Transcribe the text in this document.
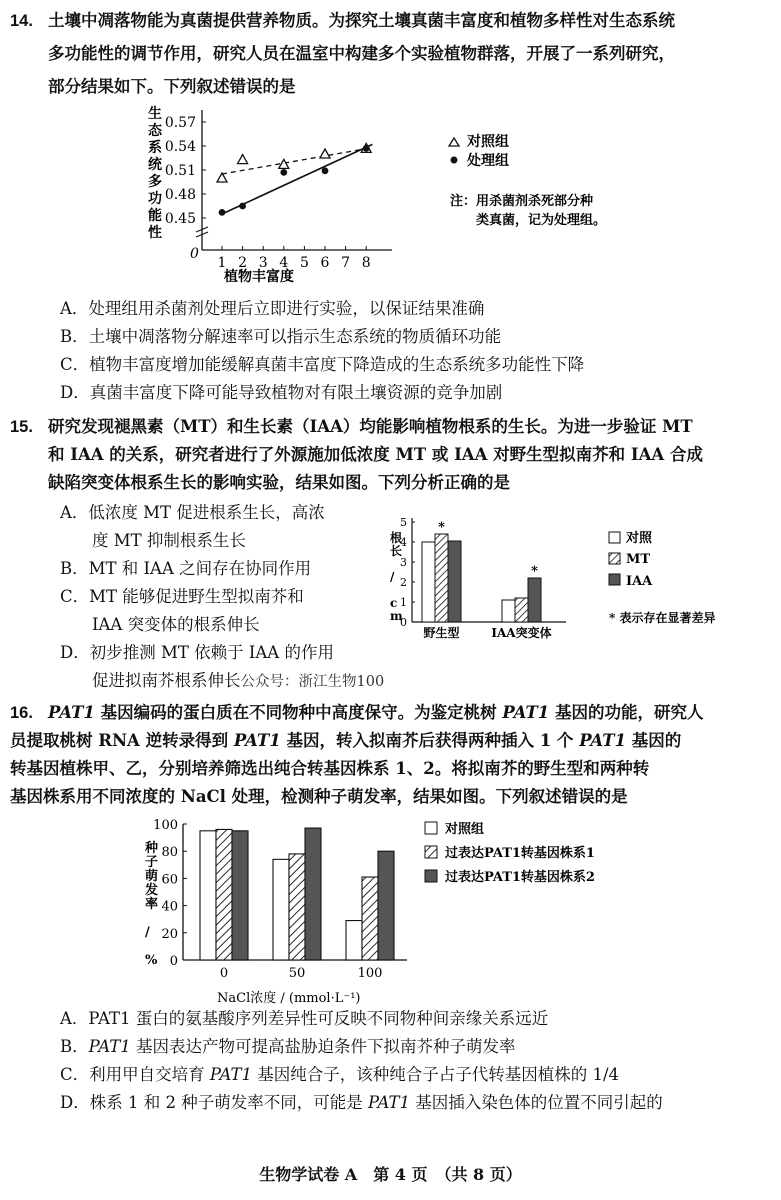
14. 土壤中凋落物能为真菌提供营养物质。为探究土壤真菌丰富度和植物多样性对生态系统
多功能性的调节作用，研究人员在温室中构建多个实验植物群落，开展了一系列研究，
部分结果如下。下列叙述错误的是
0.45
0.48
0.51
0.54
0.57
1 2 3 4 5 6 7 8
生态系统多功能性
植物丰富度
0
对照组
处理组
注：用杀菌剂杀死部分种
类真菌，记为处理组。
A．处理组用杀菌剂处理后立即进行实验，以保证结果准确
B．土壤中凋落物分解速率可以指示生态系统的物质循环功能
C．植物丰富度增加能缓解真菌丰富度下降造成的生态系统多功能性下降
D．真菌丰富度下降可能导致植物对有限土壤资源的竞争加剧
15. 研究发现褪黑素（MT）和生长素（IAA）均能影响植物根系的生长。为进一步验证 MT
和 IAA 的关系，研究者进行了外源施加低浓度 MT 或 IAA 对野生型拟南芥和 IAA 合成
缺陷突变体根系生长的影响实验，结果如图。下列分析正确的是
A．低浓度 MT 促进根系生长，高浓
度 MT 抑制根系生长
B．MT 和 IAA 之间存在协同作用
C．MT 能够促进野生型拟南芥和
IAA 突变体的根系伸长
D．初步推测 MT 依赖于 IAA 的作用
促进拟南芥根系伸长公众号：浙江生物100
0
1
2
3
4
5
野生型
*
IAA突变体
*
根长 / c m
对照
MT
IAA
* 表示存在显著差异
16. PAT1 基因编码的蛋白质在不同物种中高度保守。为鉴定桃树 PAT1 基因的功能，研究人
员提取桃树 RNA 逆转录得到 PAT1 基因，转入拟南芥后获得两种插入 1 个 PAT1 基因的
转基因植株甲、乙，分别培养筛选出纯合转基因株系 1、2。将拟南芥的野生型和两种转
基因株系用不同浓度的 NaCl 处理，检测种子萌发率，结果如图。下列叙述错误的是
0
20
40
60
80
100
0	50	100
种子萌发率 / %
NaCl浓度 / (mmol·L⁻¹)
对照组
过表达PAT1转基因株系1
过表达PAT1转基因株系2
A．PAT1 蛋白的氨基酸序列差异性可反映不同物种间亲缘关系远近
B．PAT1 基因表达产物可提高盐胁迫条件下拟南芥种子萌发率
C．利用甲自交培育 PAT1 基因纯合子，该种纯合子占子代转基因植株的 1/4
D．株系 1 和 2 种子萌发率不同，可能是 PAT1 基因插入染色体的位置不同引起的
生物学试卷 A　第 4 页　（共 8 页）
